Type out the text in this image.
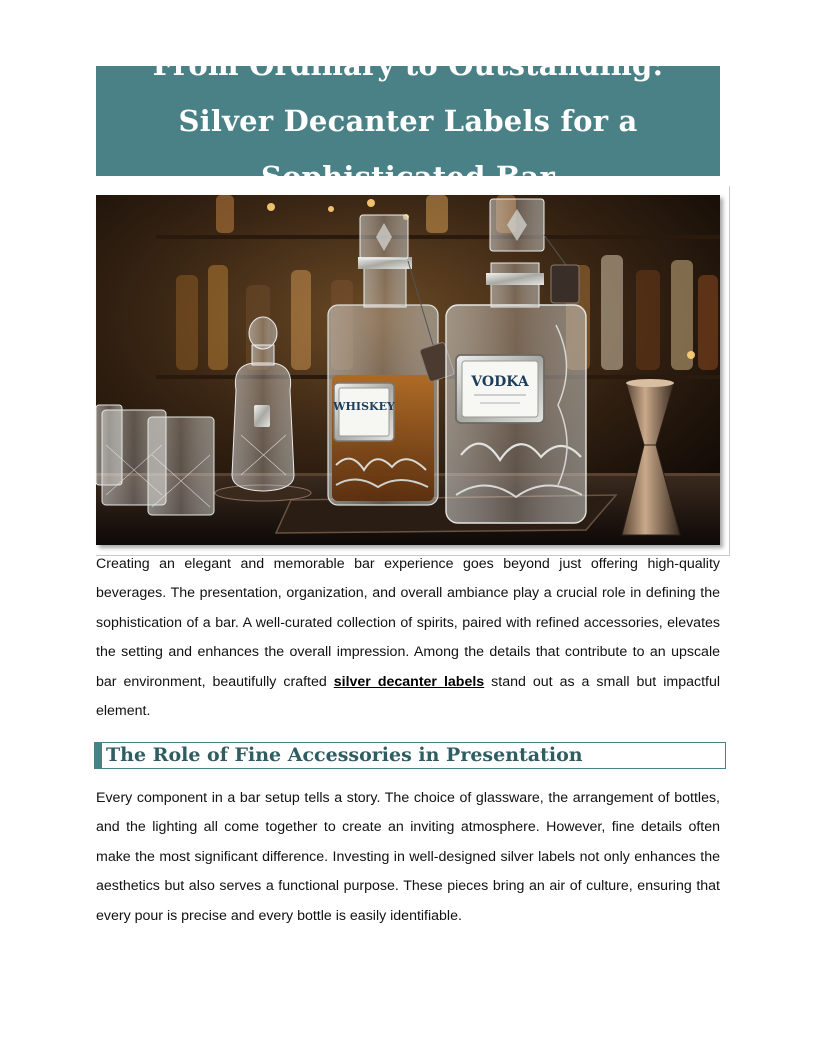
From Ordinary to Outstanding: Silver Decanter Labels for a Sophisticated Bar
WHISKEY
VODKA

Creating an elegant and memorable bar experience goes beyond just offering high-quality beverages. The presentation, organization, and overall ambiance play a crucial role in defining the sophistication of a bar. A well-curated collection of spirits, paired with refined accessories, elevates the setting and enhances the overall impression. Among the details that contribute to an upscale bar environment, beautifully crafted silver decanter labels stand out as a small but impactful element.

The Role of Fine Accessories in Presentation

Every component in a bar setup tells a story. The choice of glassware, the arrangement of bottles, and the lighting all come together to create an inviting atmosphere. However, fine details often make the most significant difference. Investing in well-designed silver labels not only enhances the aesthetics but also serves a functional purpose. These pieces bring an air of culture, ensuring that every pour is precise and every bottle is easily identifiable.
